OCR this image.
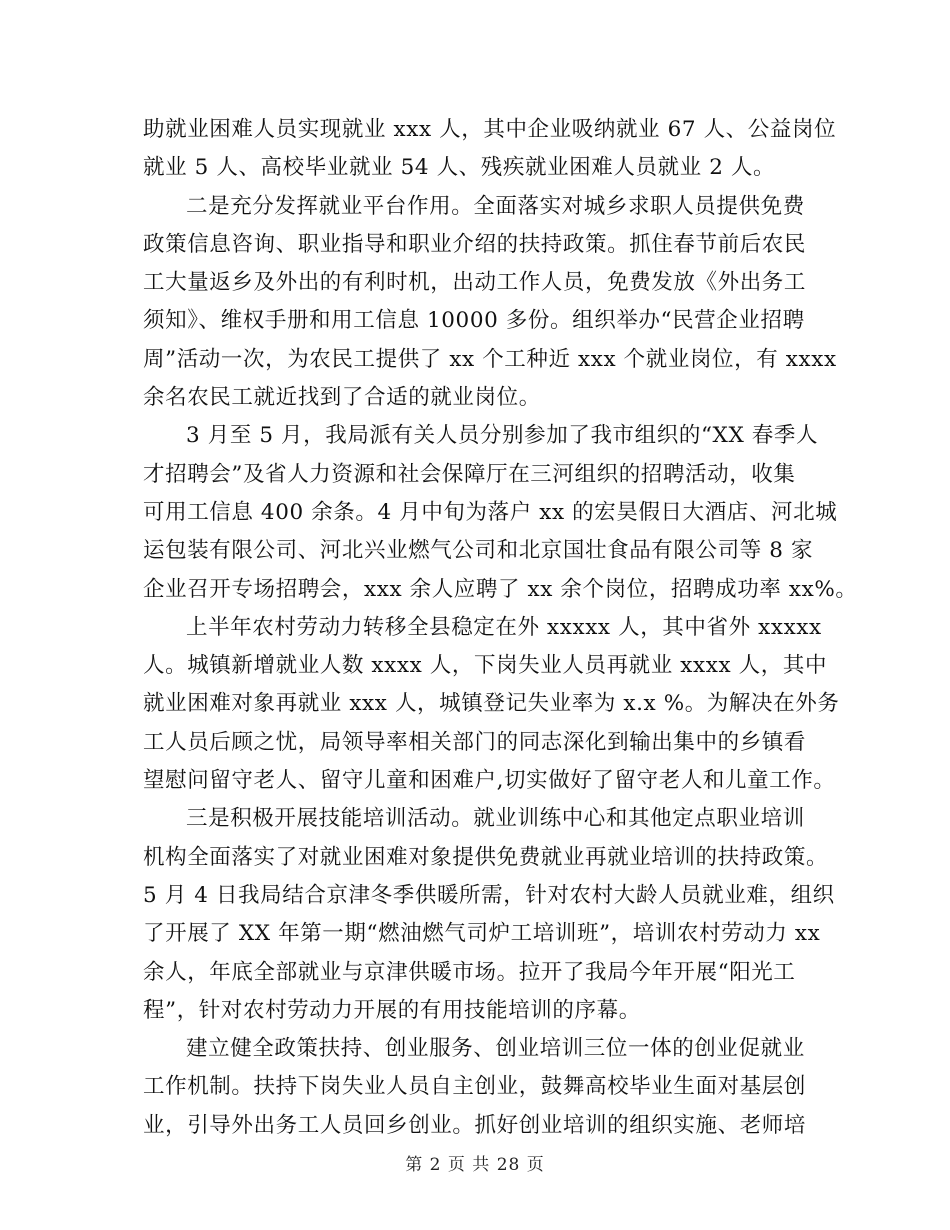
助就业困难人员实现就业 xxx 人，其中企业吸纳就业 67 人、公益岗位
就业 5 人、高校毕业就业 54 人、残疾就业困难人员就业 2 人。
二是充分发挥就业平台作用。全面落实对城乡求职人员提供免费
政策信息咨询、职业指导和职业介绍的扶持政策。抓住春节前后农民
工大量返乡及外出的有利时机，出动工作人员，免费发放《外出务工
须知》、维权手册和用工信息 10000 多份。组织举办“民营企业招聘
周”活动一次，为农民工提供了 xx 个工种近 xxx 个就业岗位，有 xxxx
余名农民工就近找到了合适的就业岗位。
3 月至 5 月，我局派有关人员分别参加了我市组织的“XX 春季人
才招聘会”及省人力资源和社会保障厅在三河组织的招聘活动，收集
可用工信息 400 余条。4 月中旬为落户 xx 的宏昊假日大酒店、河北城
运包装有限公司、河北兴业燃气公司和北京国壮食品有限公司等 8 家
企业召开专场招聘会，xxx 余人应聘了 xx 余个岗位，招聘成功率 xx%。
上半年农村劳动力转移全县稳定在外 xxxxx 人，其中省外 xxxxx
人。城镇新增就业人数 xxxx 人，下岗失业人员再就业 xxxx 人，其中
就业困难对象再就业 xxx 人，城镇登记失业率为 x.x %。为解决在外务
工人员后顾之忧，局领导率相关部门的同志深化到输出集中的乡镇看
望慰问留守老人、留守儿童和困难户,切实做好了留守老人和儿童工作。
三是积极开展技能培训活动。就业训练中心和其他定点职业培训
机构全面落实了对就业困难对象提供免费就业再就业培训的扶持政策。
5 月 4 日我局结合京津冬季供暖所需，针对农村大龄人员就业难，组织
了开展了 XX 年第一期“燃油燃气司炉工培训班”，培训农村劳动力 xx
余人，年底全部就业与京津供暖市场。拉开了我局今年开展“阳光工
程”，针对农村劳动力开展的有用技能培训的序幕。
建立健全政策扶持、创业服务、创业培训三位一体的创业促就业
工作机制。扶持下岗失业人员自主创业，鼓舞高校毕业生面对基层创
业，引导外出务工人员回乡创业。抓好创业培训的组织实施、老师培
第 2 页 共 28 页
